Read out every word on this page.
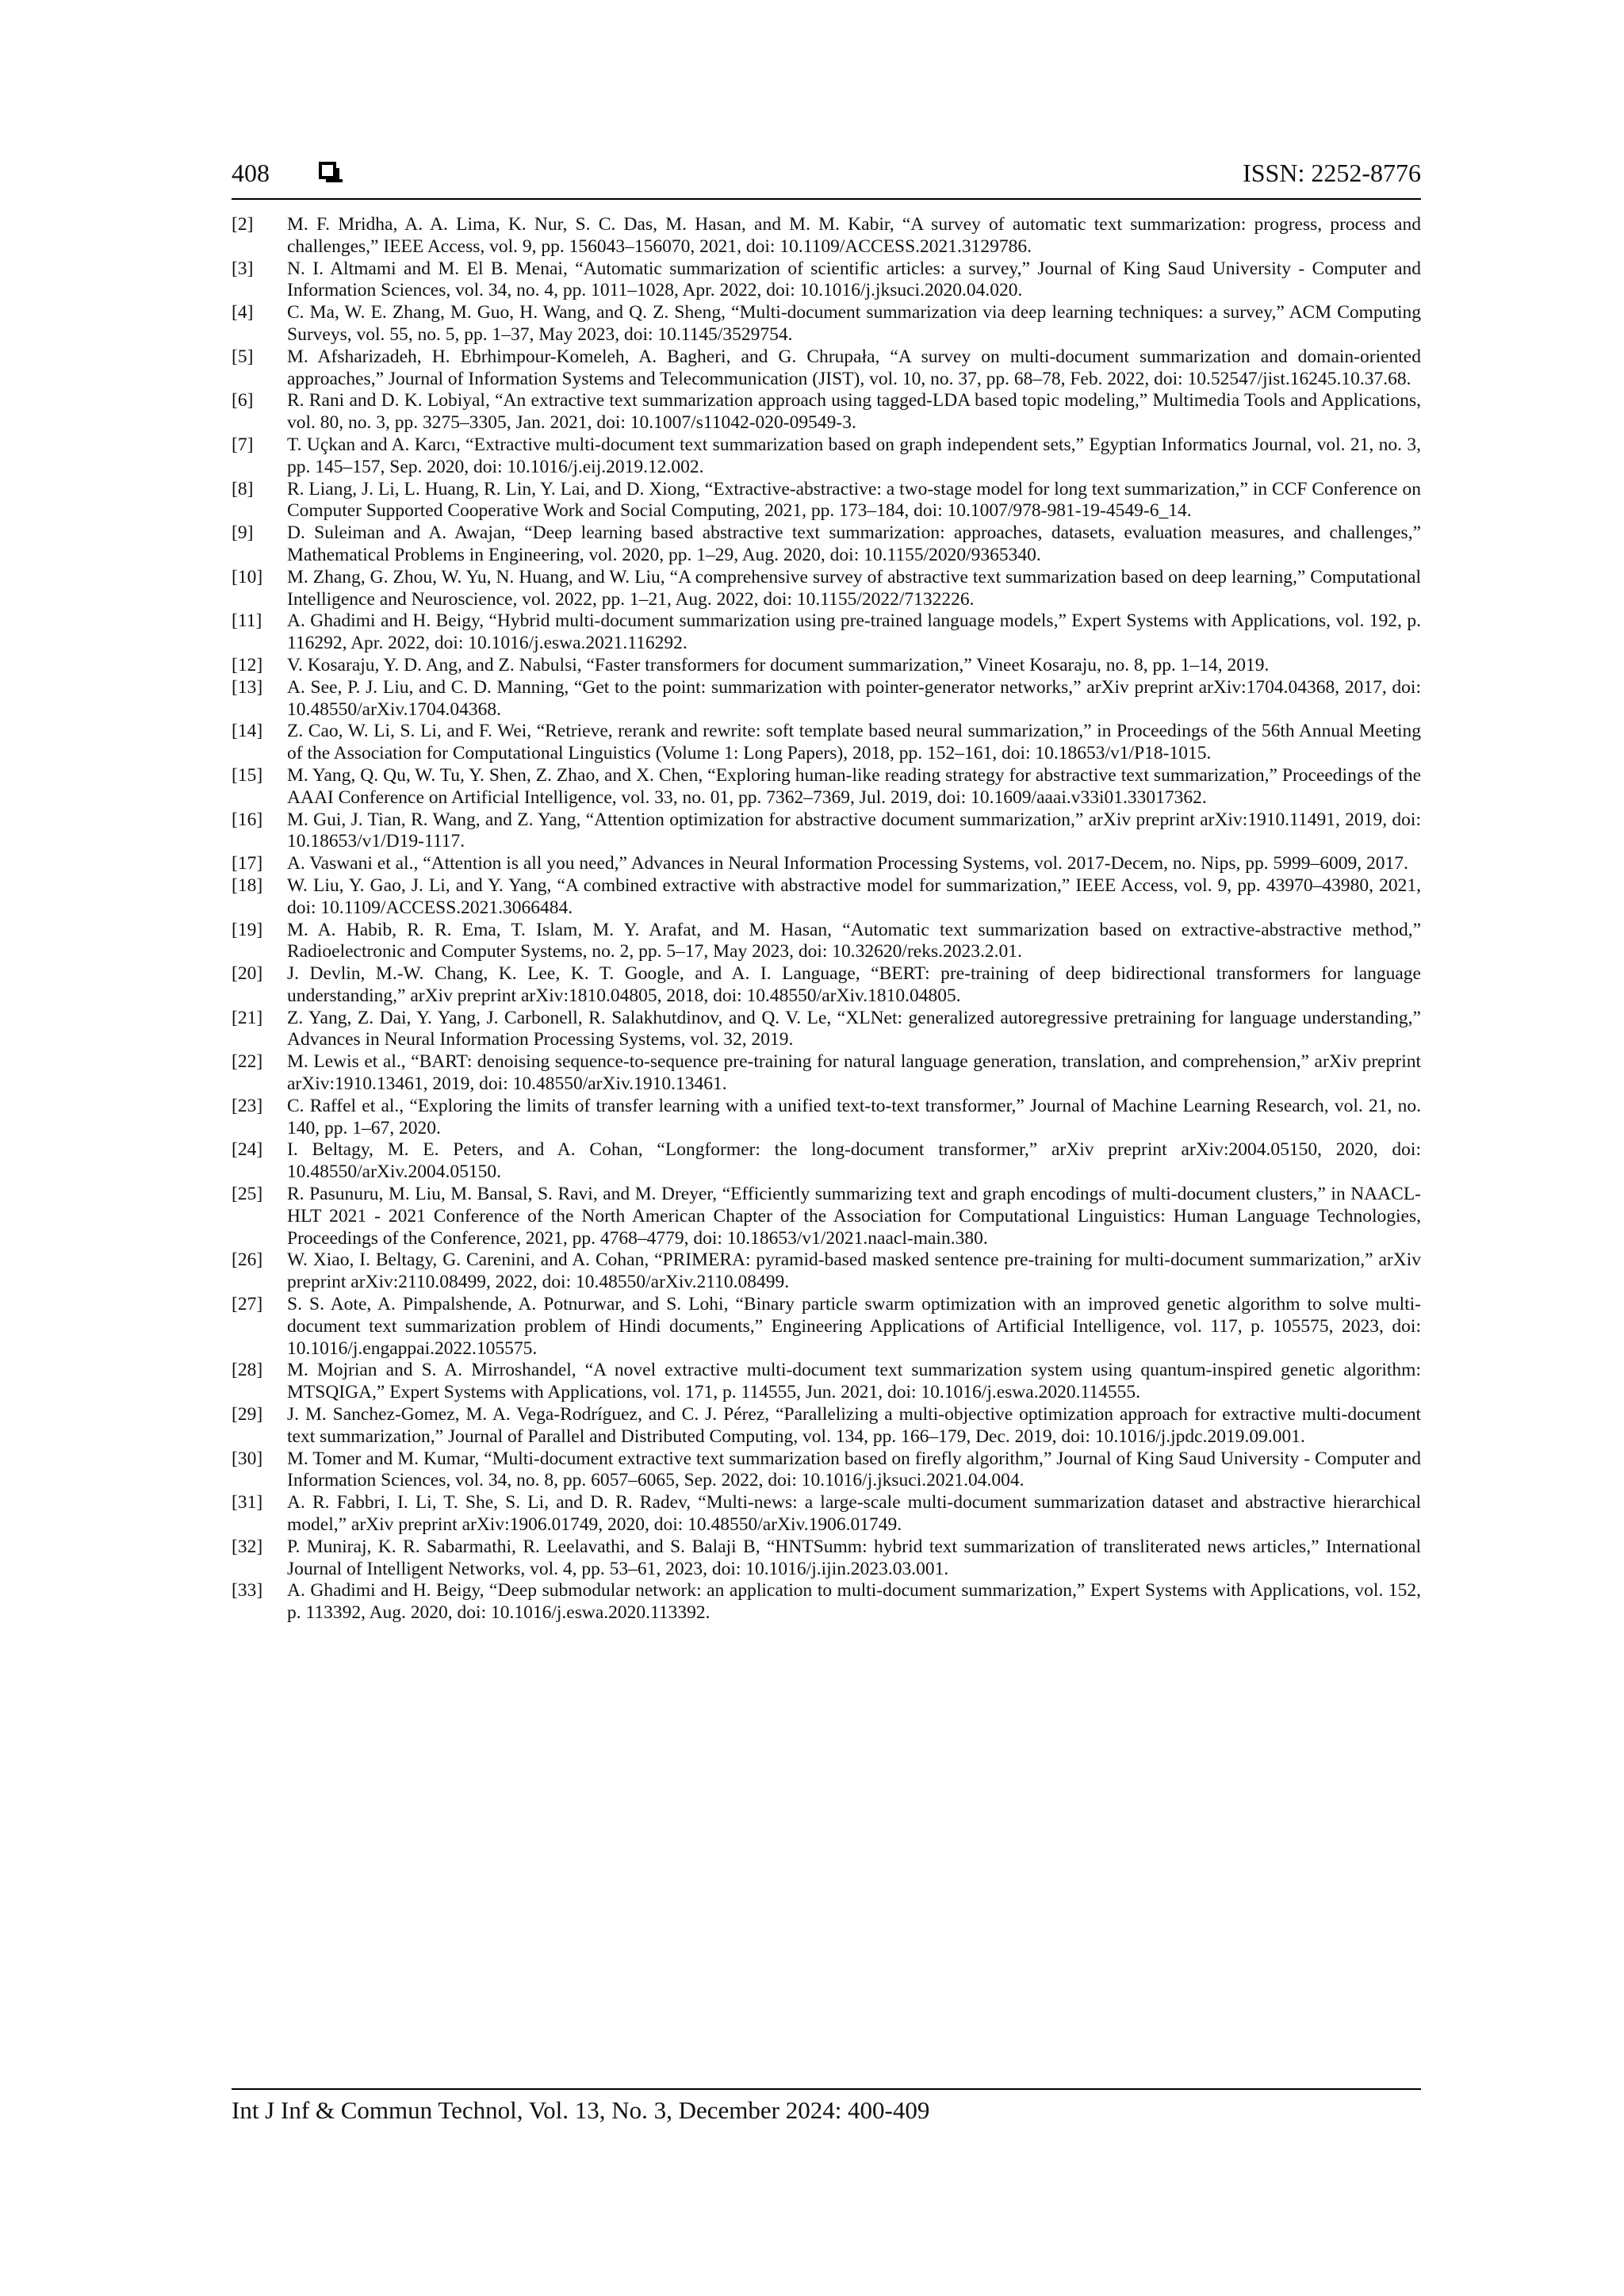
408	ISSN: 2252-8776
[2] M. F. Mridha, A. A. Lima, K. Nur, S. C. Das, M. Hasan, and M. M. Kabir, “A survey of automatic text summarization: progress, process and challenges,” IEEE Access, vol. 9, pp. 156043–156070, 2021, doi: 10.1109/ACCESS.2021.3129786.
[3] N. I. Altmami and M. El B. Menai, “Automatic summarization of scientific articles: a survey,” Journal of King Saud University - Computer and Information Sciences, vol. 34, no. 4, pp. 1011–1028, Apr. 2022, doi: 10.1016/j.jksuci.2020.04.020.
[4] C. Ma, W. E. Zhang, M. Guo, H. Wang, and Q. Z. Sheng, “Multi-document summarization via deep learning techniques: a survey,” ACM Computing Surveys, vol. 55, no. 5, pp. 1–37, May 2023, doi: 10.1145/3529754.
[5] M. Afsharizadeh, H. Ebrhimpour-Komeleh, A. Bagheri, and G. Chrupała, “A survey on multi-document summarization and domain-oriented approaches,” Journal of Information Systems and Telecommunication (JIST), vol. 10, no. 37, pp. 68–78, Feb. 2022, doi: 10.52547/jist.16245.10.37.68.
[6] R. Rani and D. K. Lobiyal, “An extractive text summarization approach using tagged-LDA based topic modeling,” Multimedia Tools and Applications, vol. 80, no. 3, pp. 3275–3305, Jan. 2021, doi: 10.1007/s11042-020-09549-3.
[7] T. Uçkan and A. Karcı, “Extractive multi-document text summarization based on graph independent sets,” Egyptian Informatics Journal, vol. 21, no. 3, pp. 145–157, Sep. 2020, doi: 10.1016/j.eij.2019.12.002.
[8] R. Liang, J. Li, L. Huang, R. Lin, Y. Lai, and D. Xiong, “Extractive-abstractive: a two-stage model for long text summarization,” in CCF Conference on Computer Supported Cooperative Work and Social Computing, 2021, pp. 173–184, doi: 10.1007/978-981-19-4549-6_14.
[9] D. Suleiman and A. Awajan, “Deep learning based abstractive text summarization: approaches, datasets, evaluation measures, and challenges,” Mathematical Problems in Engineering, vol. 2020, pp. 1–29, Aug. 2020, doi: 10.1155/2020/9365340.
[10] M. Zhang, G. Zhou, W. Yu, N. Huang, and W. Liu, “A comprehensive survey of abstractive text summarization based on deep learning,” Computational Intelligence and Neuroscience, vol. 2022, pp. 1–21, Aug. 2022, doi: 10.1155/2022/7132226.
[11] A. Ghadimi and H. Beigy, “Hybrid multi-document summarization using pre-trained language models,” Expert Systems with Applications, vol. 192, p. 116292, Apr. 2022, doi: 10.1016/j.eswa.2021.116292.
[12] V. Kosaraju, Y. D. Ang, and Z. Nabulsi, “Faster transformers for document summarization,” Vineet Kosaraju, no. 8, pp. 1–14, 2019.
[13] A. See, P. J. Liu, and C. D. Manning, “Get to the point: summarization with pointer-generator networks,” arXiv preprint arXiv:1704.04368, 2017, doi: 10.48550/arXiv.1704.04368.
[14] Z. Cao, W. Li, S. Li, and F. Wei, “Retrieve, rerank and rewrite: soft template based neural summarization,” in Proceedings of the 56th Annual Meeting of the Association for Computational Linguistics (Volume 1: Long Papers), 2018, pp. 152–161, doi: 10.18653/v1/P18-1015.
[15] M. Yang, Q. Qu, W. Tu, Y. Shen, Z. Zhao, and X. Chen, “Exploring human-like reading strategy for abstractive text summarization,” Proceedings of the AAAI Conference on Artificial Intelligence, vol. 33, no. 01, pp. 7362–7369, Jul. 2019, doi: 10.1609/aaai.v33i01.33017362.
[16] M. Gui, J. Tian, R. Wang, and Z. Yang, “Attention optimization for abstractive document summarization,” arXiv preprint arXiv:1910.11491, 2019, doi: 10.18653/v1/D19-1117.
[17] A. Vaswani et al., “Attention is all you need,” Advances in Neural Information Processing Systems, vol. 2017-Decem, no. Nips, pp. 5999–6009, 2017.
[18] W. Liu, Y. Gao, J. Li, and Y. Yang, “A combined extractive with abstractive model for summarization,” IEEE Access, vol. 9, pp. 43970–43980, 2021, doi: 10.1109/ACCESS.2021.3066484.
[19] M. A. Habib, R. R. Ema, T. Islam, M. Y. Arafat, and M. Hasan, “Automatic text summarization based on extractive-abstractive method,” Radioelectronic and Computer Systems, no. 2, pp. 5–17, May 2023, doi: 10.32620/reks.2023.2.01.
[20] J. Devlin, M.-W. Chang, K. Lee, K. T. Google, and A. I. Language, “BERT: pre-training of deep bidirectional transformers for language understanding,” arXiv preprint arXiv:1810.04805, 2018, doi: 10.48550/arXiv.1810.04805.
[21] Z. Yang, Z. Dai, Y. Yang, J. Carbonell, R. Salakhutdinov, and Q. V. Le, “XLNet: generalized autoregressive pretraining for language understanding,” Advances in Neural Information Processing Systems, vol. 32, 2019.
[22] M. Lewis et al., “BART: denoising sequence-to-sequence pre-training for natural language generation, translation, and comprehension,” arXiv preprint arXiv:1910.13461, 2019, doi: 10.48550/arXiv.1910.13461.
[23] C. Raffel et al., “Exploring the limits of transfer learning with a unified text-to-text transformer,” Journal of Machine Learning Research, vol. 21, no. 140, pp. 1–67, 2020.
[24] I. Beltagy, M. E. Peters, and A. Cohan, “Longformer: the long-document transformer,” arXiv preprint arXiv:2004.05150, 2020, doi: 10.48550/arXiv.2004.05150.
[25] R. Pasunuru, M. Liu, M. Bansal, S. Ravi, and M. Dreyer, “Efficiently summarizing text and graph encodings of multi-document clusters,” in NAACL-HLT 2021 - 2021 Conference of the North American Chapter of the Association for Computational Linguistics: Human Language Technologies, Proceedings of the Conference, 2021, pp. 4768–4779, doi: 10.18653/v1/2021.naacl-main.380.
[26] W. Xiao, I. Beltagy, G. Carenini, and A. Cohan, “PRIMERA: pyramid-based masked sentence pre-training for multi-document summarization,” arXiv preprint arXiv:2110.08499, 2022, doi: 10.48550/arXiv.2110.08499.
[27] S. S. Aote, A. Pimpalshende, A. Potnurwar, and S. Lohi, “Binary particle swarm optimization with an improved genetic algorithm to solve multi-document text summarization problem of Hindi documents,” Engineering Applications of Artificial Intelligence, vol. 117, p. 105575, 2023, doi: 10.1016/j.engappai.2022.105575.
[28] M. Mojrian and S. A. Mirroshandel, “A novel extractive multi-document text summarization system using quantum-inspired genetic algorithm: MTSQIGA,” Expert Systems with Applications, vol. 171, p. 114555, Jun. 2021, doi: 10.1016/j.eswa.2020.114555.
[29] J. M. Sanchez-Gomez, M. A. Vega-Rodríguez, and C. J. Pérez, “Parallelizing a multi-objective optimization approach for extractive multi-document text summarization,” Journal of Parallel and Distributed Computing, vol. 134, pp. 166–179, Dec. 2019, doi: 10.1016/j.jpdc.2019.09.001.
[30] M. Tomer and M. Kumar, “Multi-document extractive text summarization based on firefly algorithm,” Journal of King Saud University - Computer and Information Sciences, vol. 34, no. 8, pp. 6057–6065, Sep. 2022, doi: 10.1016/j.jksuci.2021.04.004.
[31] A. R. Fabbri, I. Li, T. She, S. Li, and D. R. Radev, “Multi-news: a large-scale multi-document summarization dataset and abstractive hierarchical model,” arXiv preprint arXiv:1906.01749, 2020, doi: 10.48550/arXiv.1906.01749.
[32] P. Muniraj, K. R. Sabarmathi, R. Leelavathi, and S. Balaji B, “HNTSumm: hybrid text summarization of transliterated news articles,” International Journal of Intelligent Networks, vol. 4, pp. 53–61, 2023, doi: 10.1016/j.ijin.2023.03.001.
[33] A. Ghadimi and H. Beigy, “Deep submodular network: an application to multi-document summarization,” Expert Systems with Applications, vol. 152, p. 113392, Aug. 2020, doi: 10.1016/j.eswa.2020.113392.
Int J Inf & Commun Technol, Vol. 13, No. 3, December 2024: 400-409
